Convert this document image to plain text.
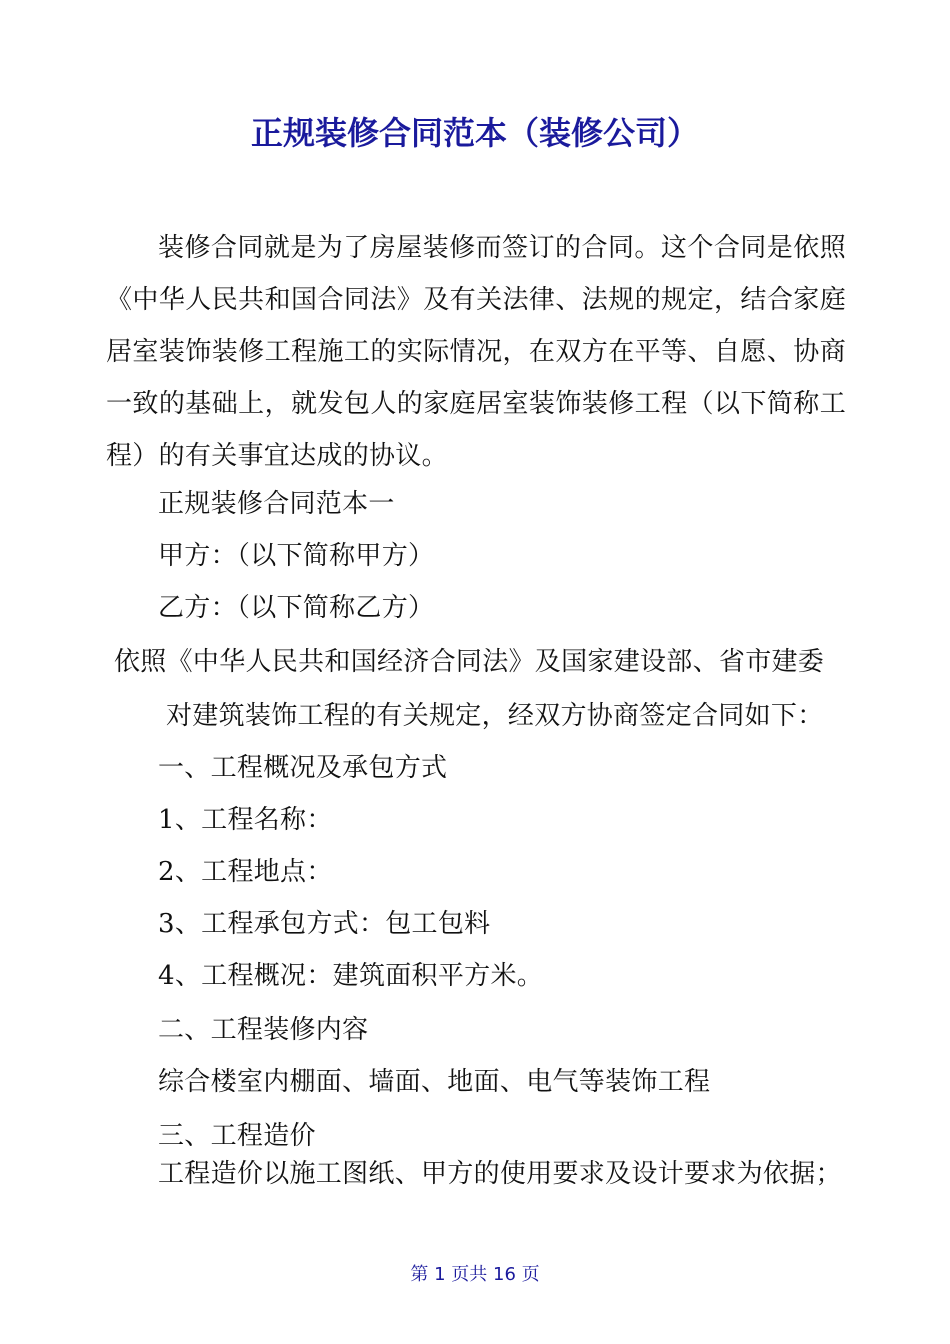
正规装修合同范本（装修公司）

装修合同就是为了房屋装修而签订的合同。这个合同是依照《中华人民共和国合同法》及有关法律、法规的规定，结合家庭居室装饰装修工程施工的实际情况，在双方在平等、自愿、协商一致的基础上，就发包人的家庭居室装饰装修工程（以下简称工程）的有关事宜达成的协议。

正规装修合同范本一
甲方：（以下简称甲方）
乙方：（以下简称乙方）
依照《中华人民共和国经济合同法》及国家建设部、省市建委
对建筑装饰工程的有关规定，经双方协商签定合同如下：
一、工程概况及承包方式
1、工程名称：
2、工程地点：
3、工程承包方式：包工包料
4、工程概况：建筑面积平方米。
二、工程装修内容
综合楼室内棚面、墙面、地面、电气等装饰工程
三、工程造价
工程造价以施工图纸、甲方的使用要求及设计要求为依据；
第 1 页共 16 页
